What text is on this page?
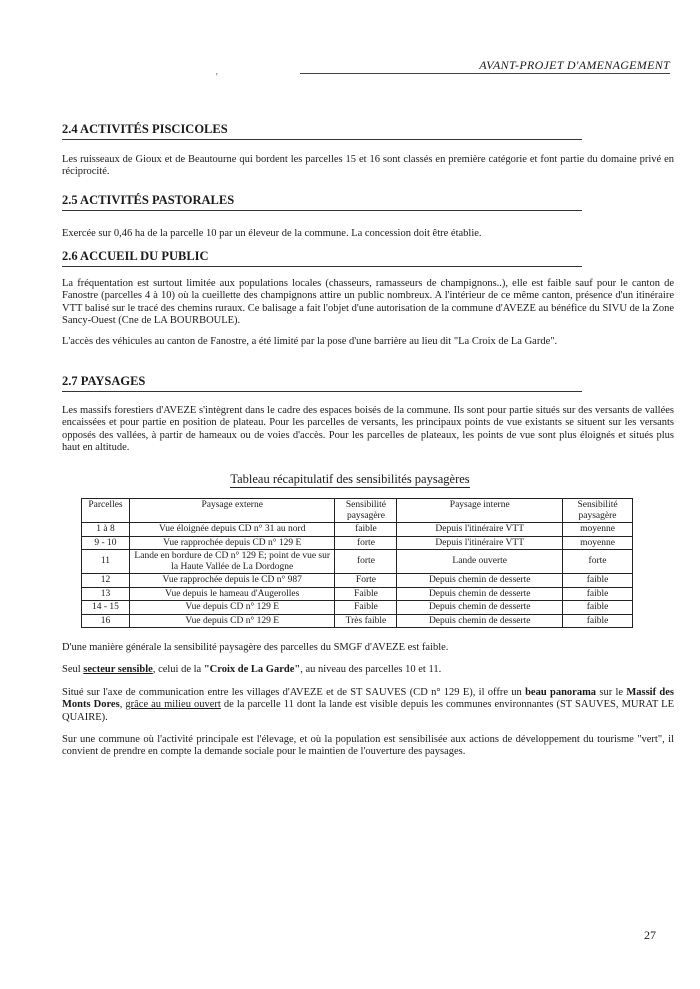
AVANT-PROJET D'AMENAGEMENT
’
2.4 ACTIVITÉS PISCICOLES

Les ruisseaux de Gioux et de Beautourne qui bordent les parcelles 15 et 16 sont classés en première catégorie et font partie du domaine privé en réciprocité.

2.5 ACTIVITÉS PASTORALES

Exercée sur 0,46 ha de la parcelle 10 par un éleveur de la commune. La concession doit être établie.

2.6 ACCUEIL DU PUBLIC

La fréquentation est surtout limitée aux populations locales (chasseurs, ramasseurs de champignons..), elle est faible sauf pour le canton de Fanostre (parcelles 4 à 10) où la cueillette des champignons attire un public nombreux. A l'intérieur de ce même canton, présence d'un itinéraire VTT balisé sur le tracé des chemins ruraux. Ce balisage a fait l'objet d'une autorisation de la commune d'AVEZE au bénéfice du SIVU de la Zone Sancy-Ouest (Cne de LA BOURBOULE).

L'accès des véhicules au canton de Fanostre, a été limité par la pose d'une barrière au lieu dit "La Croix de La Garde".

2.7 PAYSAGES

Les massifs forestiers d'AVEZE s'intègrent dans le cadre des espaces boisés de la commune. Ils sont pour partie situés sur des versants de vallées encaissées et pour partie en position de plateau. Pour les parcelles de versants, les principaux points de vue existants se situent sur les versants opposés des vallées, à partir de hameaux ou de voies d'accès. Pour les parcelles de plateaux, les points de vue sont plus éloignés et situés plus haut en altitude.

Tableau récapitulatif des sensibilités paysagères
Parcelles	Paysage externe	Sensibilité paysagère	Paysage interne	Sensibilité paysagère
1 à 8	Vue éloignée depuis CD n° 31 au nord	faible	Depuis l'itinéraire VTT	moyenne
9 - 10	Vue rapprochée depuis CD n° 129 E	forte	Depuis l'itinéraire VTT	moyenne
11	Lande en bordure de CD n° 129 E; point de vue sur la Haute Vallée de La Dordogne	forte	Lande ouverte	forte
12	Vue rapprochée depuis le CD n° 987	Forte	Depuis chemin de desserte	faible
13	Vue depuis le hameau d'Augerolles	Faible	Depuis chemin de desserte	faible
14 - 15	Vue depuis CD n° 129 E	Faible	Depuis chemin de desserte	faible
16	Vue depuis CD n° 129 E	Très faible	Depuis chemin de desserte	faible

D'une manière générale la sensibilité paysagère des parcelles du SMGF d'AVEZE est faible.

Seul secteur sensible, celui de la "Croix de La Garde", au niveau des parcelles 10 et 11.

Situé sur l'axe de communication entre les villages d'AVEZE et de ST SAUVES (CD n° 129 E), il offre un beau panorama sur le Massif des Monts Dores, grâce au milieu ouvert de la parcelle 11 dont la lande est visible depuis les communes environnantes (ST SAUVES, MURAT LE QUAIRE).

Sur une commune où l'activité principale est l'élevage, et où la population est sensibilisée aux actions de développement du tourisme "vert", il convient de prendre en compte la demande sociale pour le maintien de l'ouverture des paysages.

27
